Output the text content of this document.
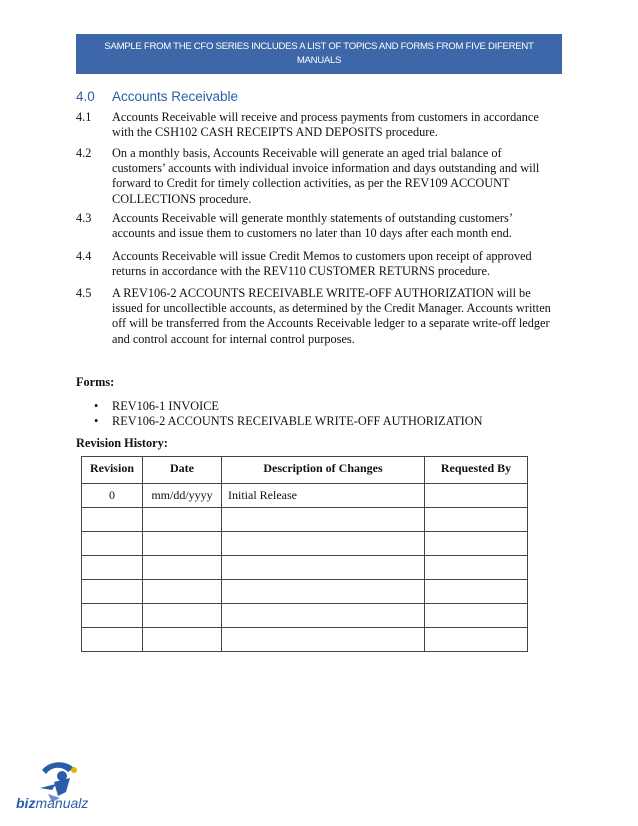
SAMPLE FROM THE CFO SERIES INCLUDES A LIST OF TOPICS AND FORMS FROM FIVE DIFERENT
MANUALS
4.0 Accounts Receivable
4.1	Accounts Receivable will receive and process payments from customers in accordance with the CSH102 CASH RECEIPTS AND DEPOSITS procedure.
4.2	On a monthly basis, Accounts Receivable will generate an aged trial balance of customers’ accounts with individual invoice information and days outstanding and will forward to Credit for timely collection activities, as per the REV109 ACCOUNT COLLECTIONS procedure.
4.3	Accounts Receivable will generate monthly statements of outstanding customers’ accounts and issue them to customers no later than 10 days after each month end.
4.4	Accounts Receivable will issue Credit Memos to customers upon receipt of approved returns in accordance with the REV110 CUSTOMER RETURNS procedure.
4.5	A REV106-2 ACCOUNTS RECEIVABLE WRITE-OFF AUTHORIZATION will be issued for uncollectible accounts, as determined by the Credit Manager. Accounts written off will be transferred from the Accounts Receivable ledger to a separate write-off ledger and control account for internal control purposes.
Forms:
• REV106-1 INVOICE
• REV106-2 ACCOUNTS RECEIVABLE WRITE-OFF AUTHORIZATION
Revision History:
Revision	Date	Description of Changes	Requested By
0	mm/dd/yyyy	Initial Release	

bizmanualz
